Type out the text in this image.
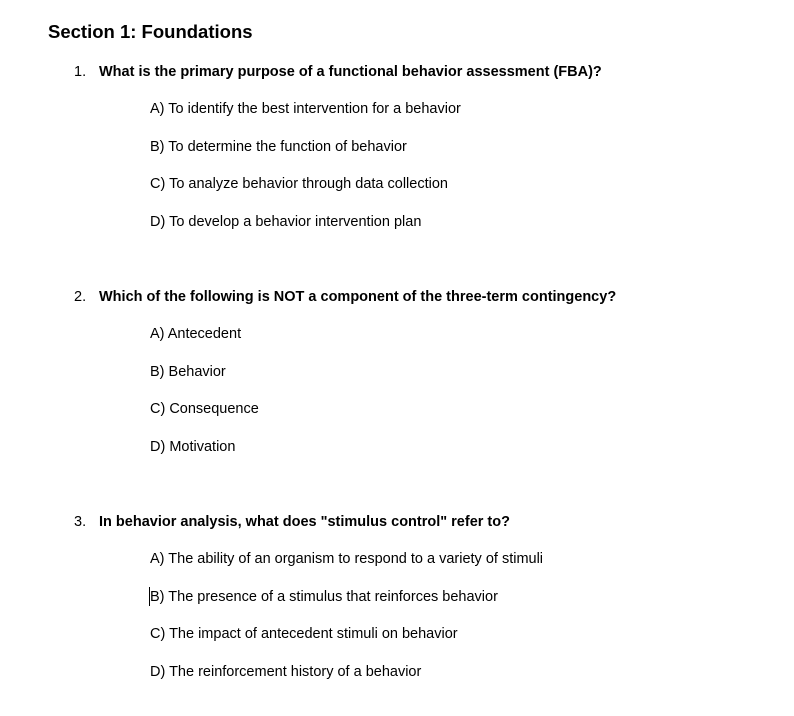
Section 1: Foundations
1. What is the primary purpose of a functional behavior assessment (FBA)?
A) To identify the best intervention for a behavior
B) To determine the function of behavior
C) To analyze behavior through data collection
D) To develop a behavior intervention plan
2. Which of the following is NOT a component of the three-term contingency?
A) Antecedent
B) Behavior
C) Consequence
D) Motivation
3. In behavior analysis, what does "stimulus control" refer to?
A) The ability of an organism to respond to a variety of stimuli
B) The presence of a stimulus that reinforces behavior
C) The impact of antecedent stimuli on behavior
D) The reinforcement history of a behavior
